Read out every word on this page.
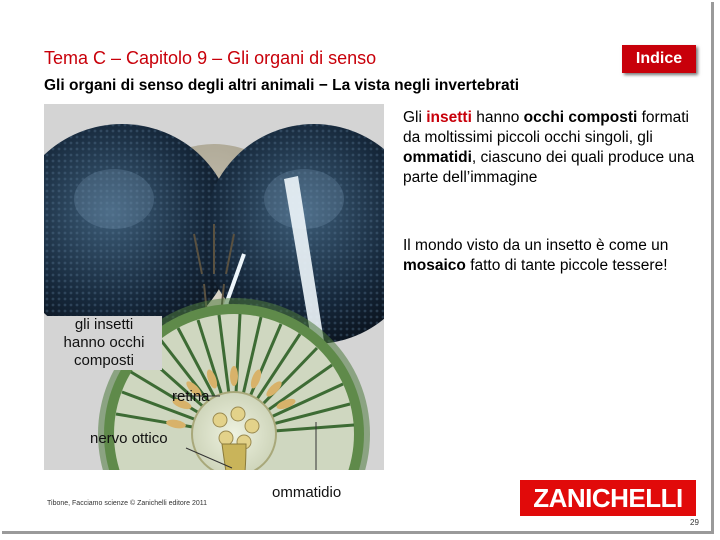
Tema C – Capitolo 9 – Gli organi di senso	Indice
Gli organi di senso degli altri animali − La vista negli invertebrati
Gli insetti hanno occhi composti formati da moltissimi piccoli occhi singoli, gli ommatidi, ciascuno dei quali produce una parte dell’immagine
Il mondo visto da un insetto è come un mosaico fatto di tante piccole tessere!
gli insetti
hanno occhi
composti
retina
nervo ottico
ommatidio
Tibone, Facciamo scienze © Zanichelli editore 2011	ZANICHELLI
29
